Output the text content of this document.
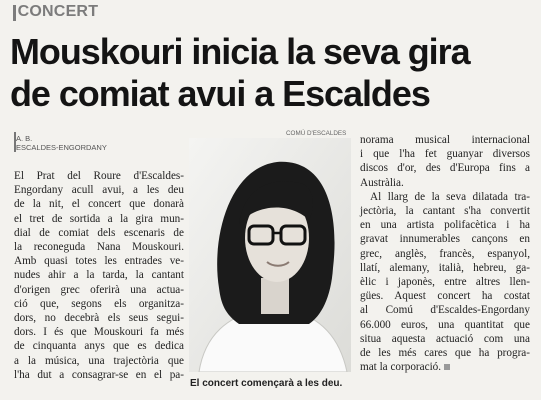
CONCERT
Mouskouri inicia la seva gira
de comiat avui a Escaldes
A. B.
ESCALDES-ENGORDANY
El Prat del Roure d'Escaldes-
Engordany acull avui, a les deu
de la nit, el concert que donarà
el tret de sortida a la gira mun-
dial de comiat dels escenaris de
la reconeguda Nana Mouskouri.
Amb quasi totes les entrades ve-
nudes ahir a la tarda, la cantant
d'origen grec oferirà una actua-
ció que, segons els organitza-
dors, no decebrà els seus segui-
dors. I és que Mouskouri fa més
de cinquanta anys que es dedica
a la música, una trajectòria que
l'ha dut a consagrar-se en el pa-
COMÚ D'ESCALDES
El concert començarà a les deu.
norama musical internacional
i que l'ha fet guanyar diversos
discos d'or, des d'Europa fins a
Austràlia.
Al llarg de la seva dilatada tra-
jectòria, la cantant s'ha convertit
en una artista polifacètica i ha
gravat innumerables cançons en
grec, anglès, francès, espanyol,
llatí, alemany, italià, hebreu, ga-
èlic i japonès, entre altres llen-
gües. Aquest concert ha costat
al Comú d'Escaldes-Engordany
66.000 euros, una quantitat que
situa aquesta actuació com una
de les més cares que ha progra-
mat la corporació.
